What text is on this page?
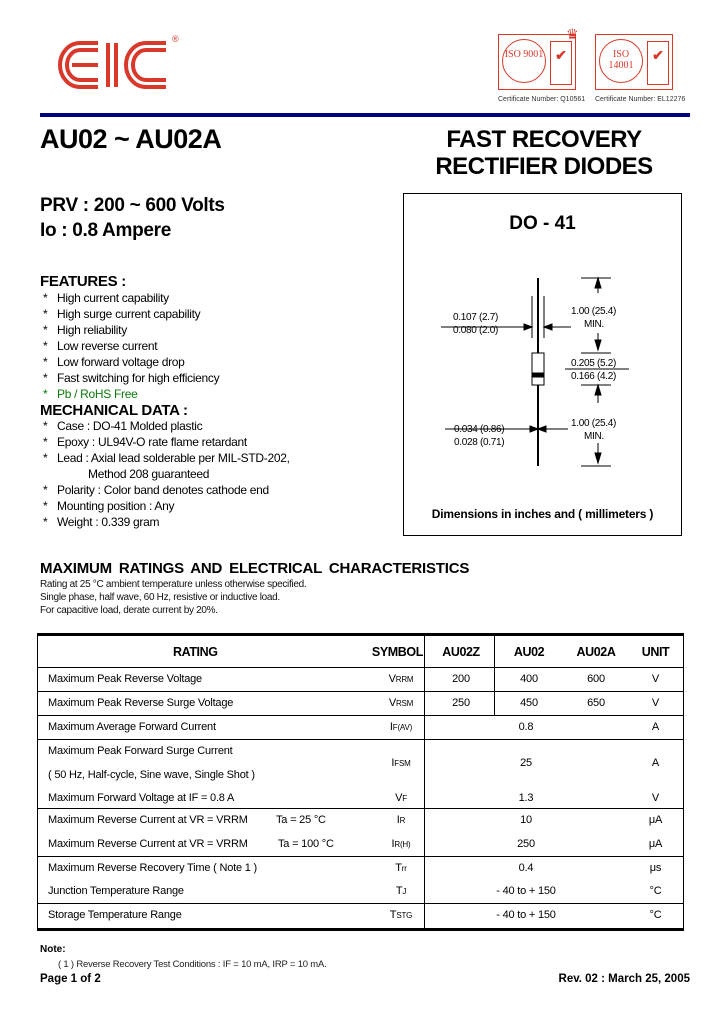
®
ISO 9001 ✔
♛
ISO 14001
✔
Certificate Number: Q10561 Certificate Number: EL12276
AU02 ~ AU02A	FAST RECOVERY
RECTIFIER DIODES
PRV : 200 ~ 600 Volts
Io : 0.8 Ampere
FEATURES :
* High current capability
* High surge current capability
* High reliability
* Low reverse current
* Low forward voltage drop
* Fast switching for high efficiency
* Pb / RoHS Free
MECHANICAL DATA :
* Case : DO-41 Molded plastic
* Epoxy : UL94V-O rate flame retardant
* Lead : Axial lead solderable per MIL-STD-202,
Method 208 guaranteed
* Polarity : Color band denotes cathode end
* Mounting position : Any
* Weight : 0.339 gram
DO - 41
0.107 (2.7)
0.080 (2.0)
1.00 (25.4)
MIN.
0.205 (5.2)
0.166 (4.2)
0.034 (0.86)
0.028 (0.71)
1.00 (25.4)
MIN.
Dimensions in inches and ( millimeters )
MAXIMUM RATINGS AND ELECTRICAL CHARACTERISTICS
Rating at 25 °C ambient temperature unless otherwise specified.
Single phase, half wave, 60 Hz, resistive or inductive load.
For capacitive load, derate current by 20%.
RATING	SYMBOL	AU02Z	AU02	AU02A	UNIT
Maximum Peak Reverse Voltage	VRRM	200	400	600	V
Maximum Peak Reverse Surge Voltage	VRSM	250	450	650	V
Maximum Average Forward Current	IF(AV)	0.8	A
Maximum Peak Forward Surge Current
( 50 Hz, Half-cycle, Sine wave, Single Shot )
IFSM	25	A
Maximum Forward Voltage at IF = 0.8 A	VF	1.3	V
Maximum Reverse Current at VR = VRRM	Ta = 25 °C	IR	10	μA
Maximum Reverse Current at VR = VRRM	Ta = 100 °C	IR(H)	250	μA
Maximum Reverse Recovery Time ( Note 1 )	Trr	0.4	μs
Junction Temperature Range	TJ	- 40 to + 150	°C
Storage Temperature Range	TSTG	- 40 to + 150	°C
Note:
( 1 ) Reverse Recovery Test Conditions : IF = 10 mA, IRP = 10 mA.
Page 1 of 2	Rev. 02 : March 25, 2005
